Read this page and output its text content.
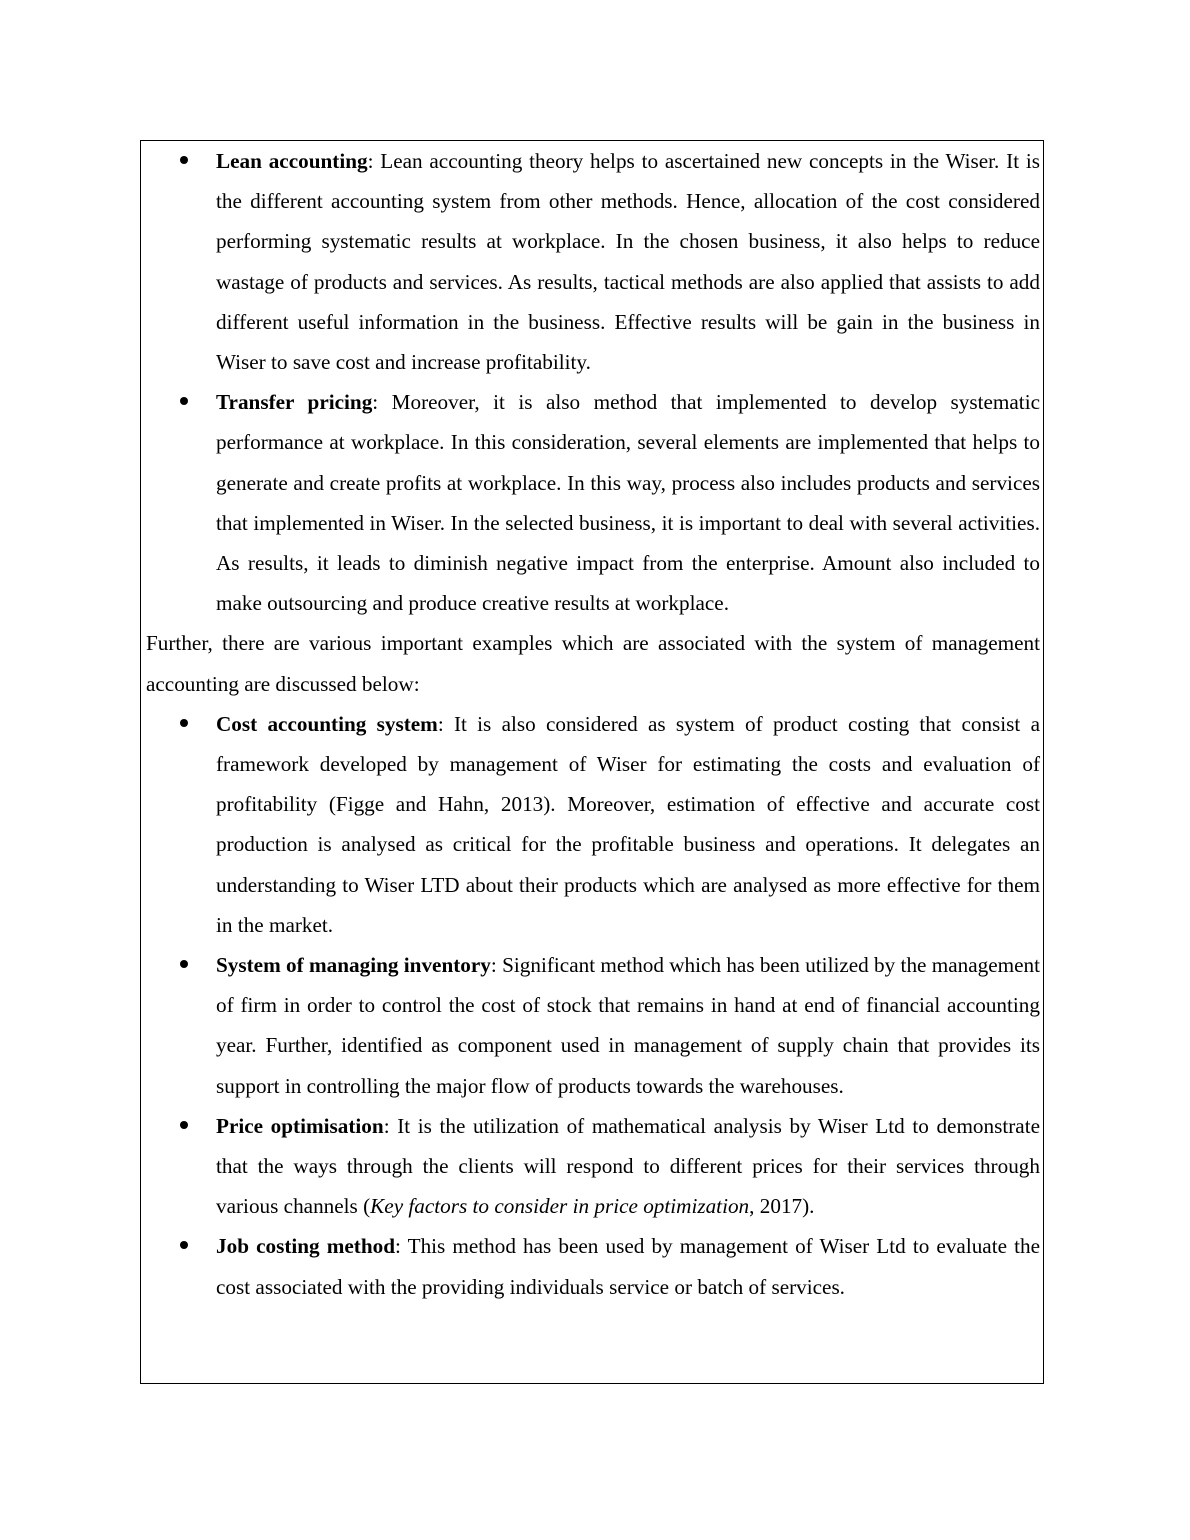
Lean accounting: Lean accounting theory helps to ascertained new concepts in the Wiser. It is the different accounting system from other methods. Hence, allocation of the cost considered performing systematic results at workplace. In the chosen business, it also helps to reduce wastage of products and services. As results, tactical methods are also applied that assists to add different useful information in the business. Effective results will be gain in the business in Wiser to save cost and increase profitability.
Transfer pricing: Moreover, it is also method that implemented to develop systematic performance at workplace. In this consideration, several elements are implemented that helps to generate and create profits at workplace. In this way, process also includes products and services that implemented in Wiser. In the selected business, it is important to deal with several activities. As results, it leads to diminish negative impact from the enterprise. Amount also included to make outsourcing and produce creative results at workplace.

Further, there are various important examples which are associated with the system of management accounting are discussed below:

Cost accounting system: It is also considered as system of product costing that consist a framework developed by management of Wiser for estimating the costs and evaluation of profitability (Figge and Hahn, 2013). Moreover, estimation of effective and accurate cost production is analysed as critical for the profitable business and operations. It delegates an understanding to Wiser LTD about their products which are analysed as more effective for them in the market.
System of managing inventory: Significant method which has been utilized by the management of firm in order to control the cost of stock that remains in hand at end of financial accounting year. Further, identified as component used in management of supply chain that provides its support in controlling the major flow of products towards the warehouses.
Price optimisation: It is the utilization of mathematical analysis by Wiser Ltd to demonstrate that the ways through the clients will respond to different prices for their services through various channels (Key factors to consider in price optimization, 2017).
Job costing method: This method has been used by management of Wiser Ltd to evaluate the cost associated with the providing individuals service or batch of services.
